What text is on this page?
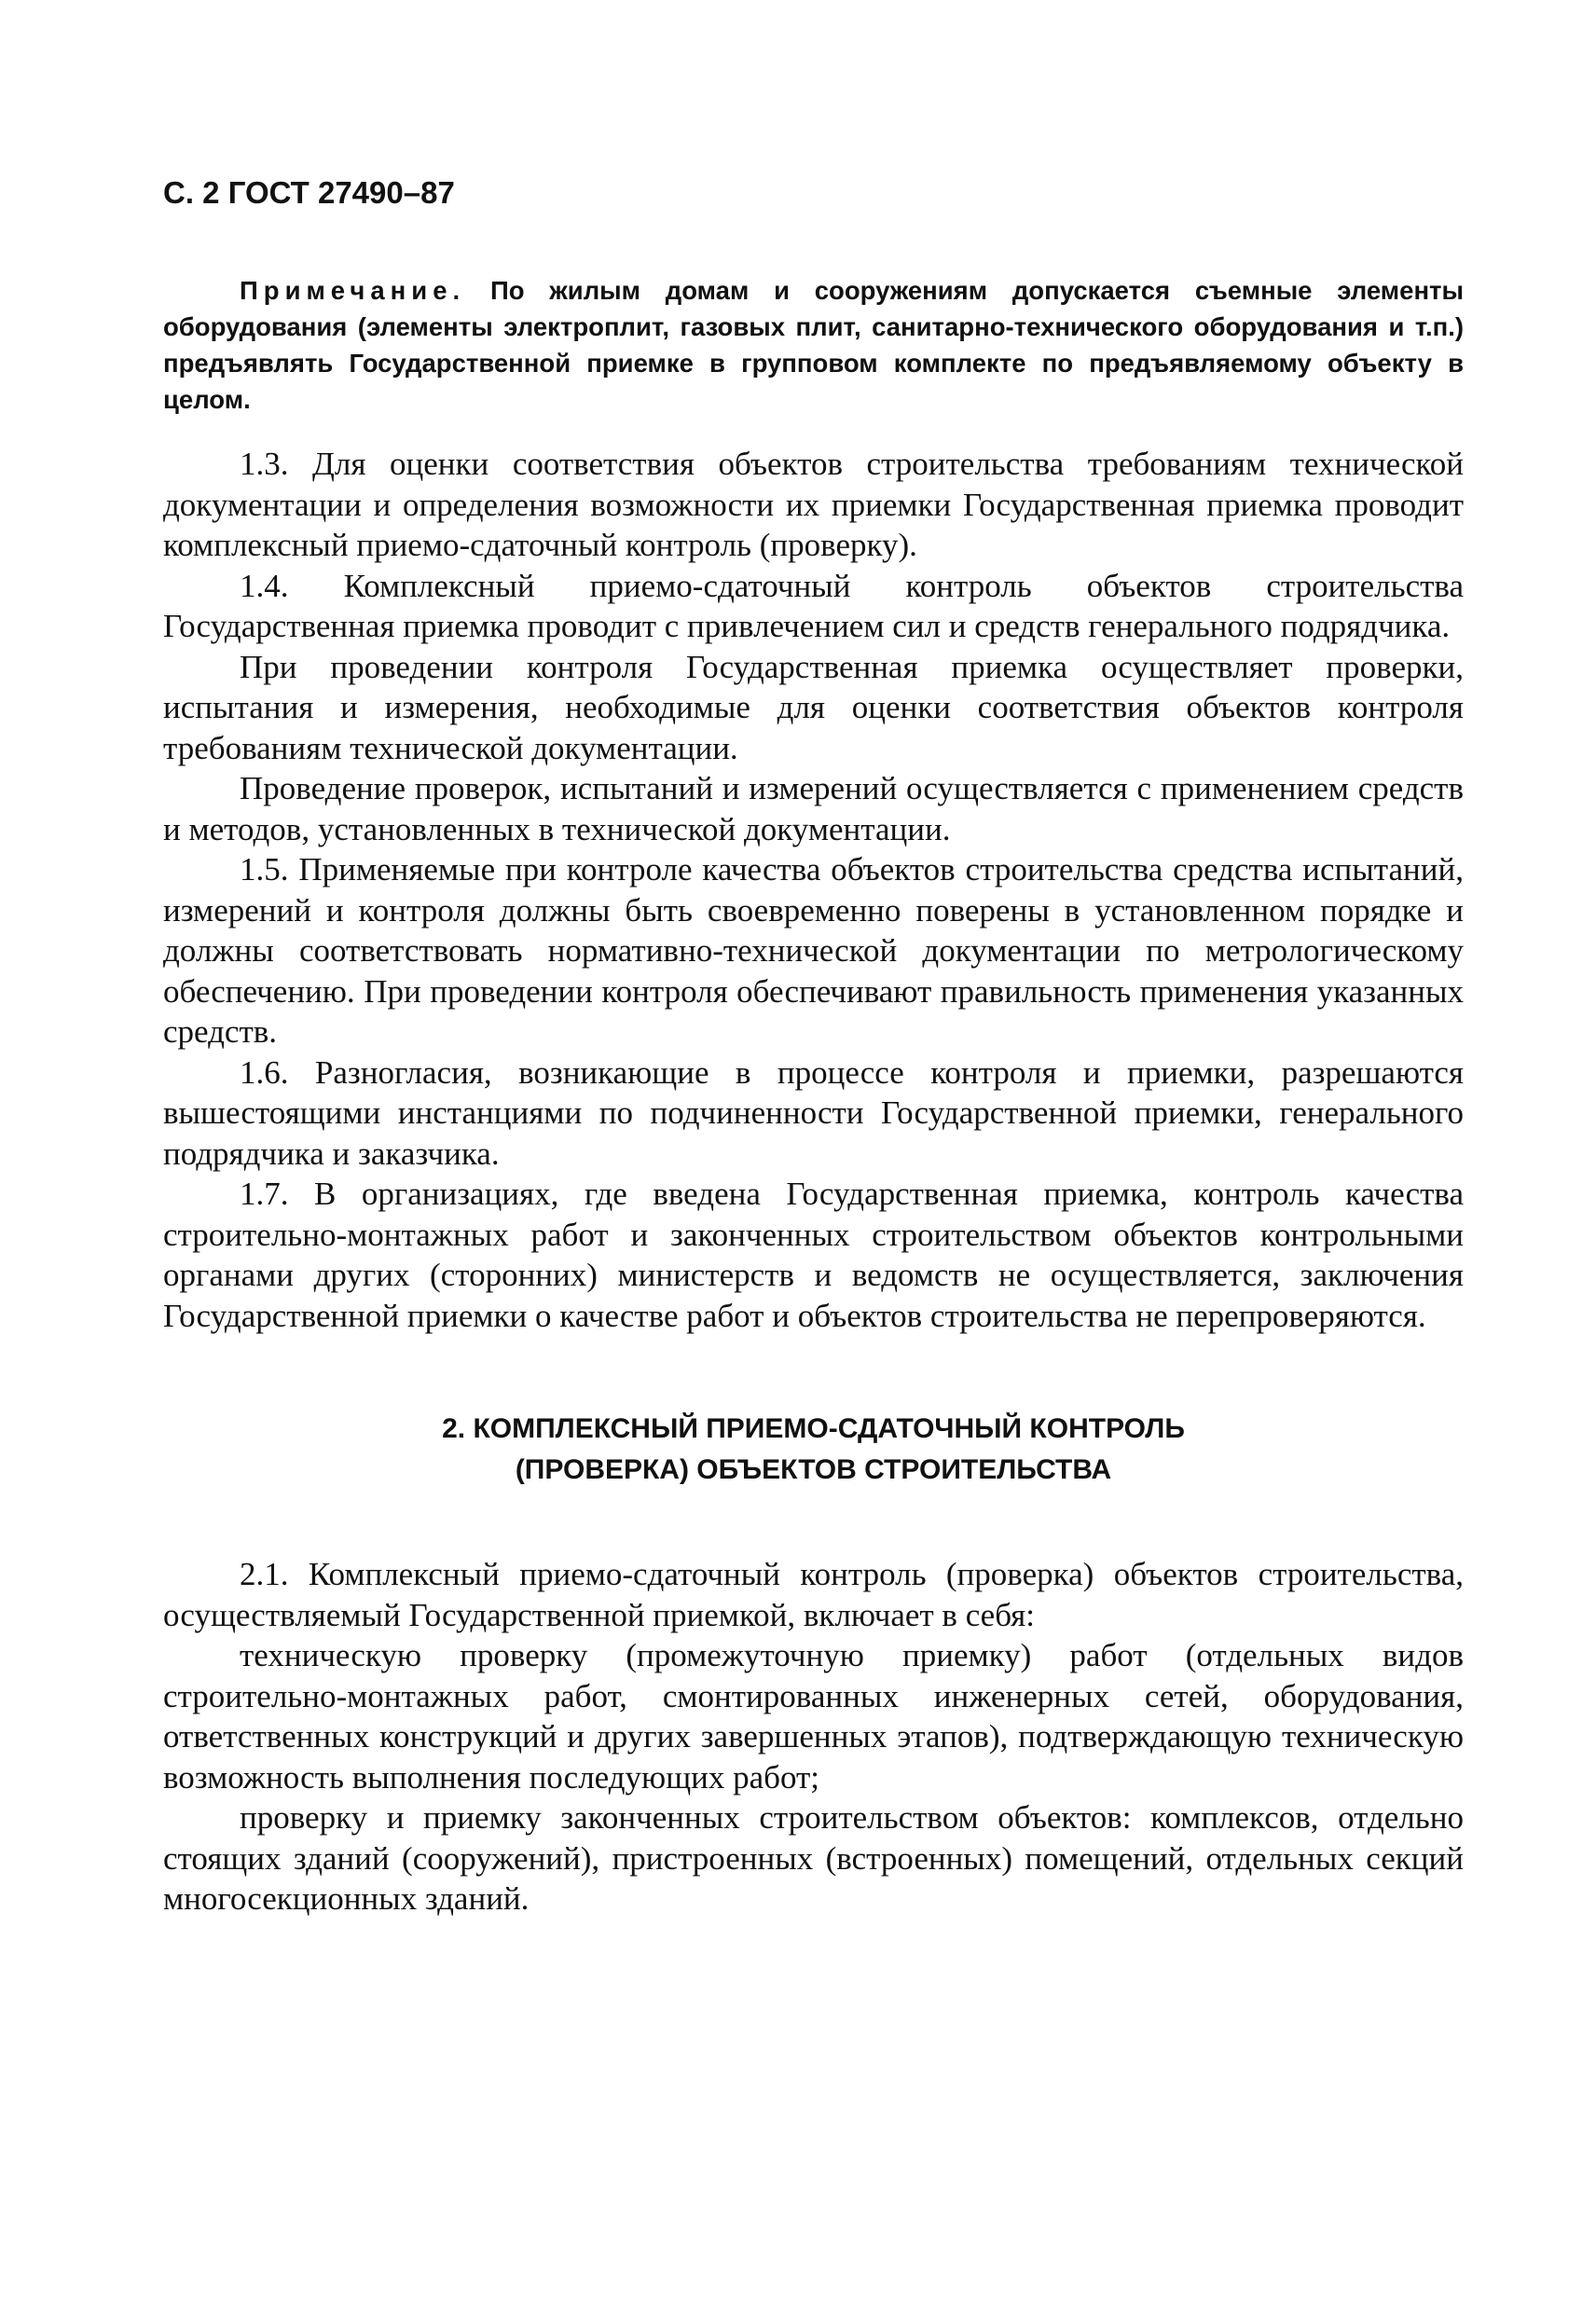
С. 2 ГОСТ 27490–87

Примечание. По жилым домам и сооружениям допускается съемные элементы оборудования (элементы электроплит, газовых плит, санитарно-технического оборудования и т.п.) предъявлять Государственной приемке в групповом комплекте по предъявляемому объекту в целом.

1.3. Для оценки соответствия объектов строительства требованиям технической документации и определения возможности их приемки Государственная приемка проводит комплексный приемо-сдаточный контроль (проверку).

1.4. Комплексный приемо-сдаточный контроль объектов строительства Государственная приемка проводит с привлечением сил и средств генерального подрядчика.

При проведении контроля Государственная приемка осуществляет проверки, испытания и измерения, необходимые для оценки соответствия объектов контроля требованиям технической документации.

Проведение проверок, испытаний и измерений осуществляется с применением средств и методов, установленных в технической документации.

1.5. Применяемые при контроле качества объектов строительства средства испытаний, измерений и контроля должны быть своевременно поверены в установленном порядке и должны соответствовать нормативно-технической документации по метрологическому обеспечению. При проведении контроля обеспечивают правильность применения указанных средств.

1.6. Разногласия, возникающие в процессе контроля и приемки, разрешаются вышестоящими инстанциями по подчиненности Государственной приемки, генерального подрядчика и заказчика.

1.7. В организациях, где введена Государственная приемка, контроль качества строительно-монтажных работ и законченных строительством объектов контрольными органами других (сторонних) министерств и ведомств не осуществляется, заключения Государственной приемки о качестве работ и объектов строительства не перепроверяются.

2. КОМПЛЕКСНЫЙ ПРИЕМО-СДАТОЧНЫЙ КОНТРОЛЬ
(ПРОВЕРКА) ОБЪЕКТОВ СТРОИТЕЛЬСТВА

2.1. Комплексный приемо-сдаточный контроль (проверка) объектов строительства, осуществляемый Государственной приемкой, включает в себя:

техническую проверку (промежуточную приемку) работ (отдельных видов строительно-монтажных работ, смонтированных инженерных сетей, оборудования, ответственных конструкций и других завершенных этапов), подтверждающую техническую возможность выполнения последующих работ;

проверку и приемку законченных строительством объектов: комплексов, отдельно стоящих зданий (сооружений), пристроенных (встроенных) помещений, отдельных секций многосекционных зданий.
